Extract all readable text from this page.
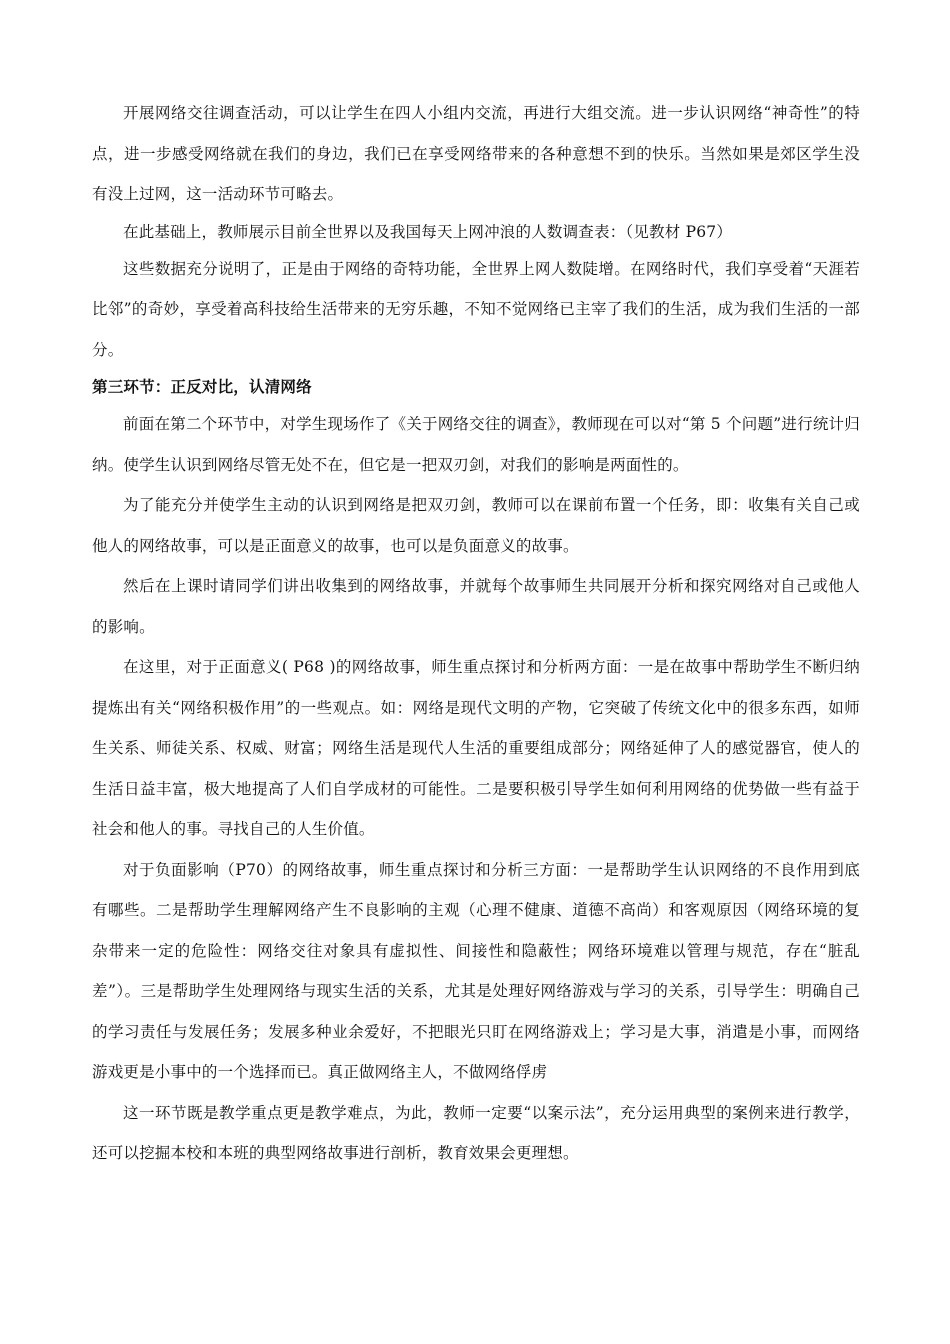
开展网络交往调查活动，可以让学生在四人小组内交流，再进行大组交流。进一步认识网络“神奇性”的特点，进一步感受网络就在我们的身边，我们已在享受网络带来的各种意想不到的快乐。当然如果是郊区学生没有没上过网，这一活动环节可略去。

在此基础上，教师展示目前全世界以及我国每天上网冲浪的人数调查表：（见教材 P67）

这些数据充分说明了，正是由于网络的奇特功能，全世界上网人数陡增。在网络时代，我们享受着“天涯若比邻”的奇妙，享受着高科技给生活带来的无穷乐趣，不知不觉网络已主宰了我们的生活，成为我们生活的一部分。

第三环节：正反对比，认清网络

前面在第二个环节中，对学生现场作了《关于网络交往的调查》，教师现在可以对“第 5 个问题”进行统计归纳。使学生认识到网络尽管无处不在，但它是一把双刃剑，对我们的影响是两面性的。

为了能充分并使学生主动的认识到网络是把双刃剑，教师可以在课前布置一个任务，即：收集有关自己或他人的网络故事，可以是正面意义的故事，也可以是负面意义的故事。

然后在上课时请同学们讲出收集到的网络故事，并就每个故事师生共同展开分析和探究网络对自己或他人的影响。

在这里，对于正面意义( P68 )的网络故事，师生重点探讨和分析两方面：一是在故事中帮助学生不断归纳提炼出有关“网络积极作用”的一些观点。如：网络是现代文明的产物，它突破了传统文化中的很多东西，如师生关系、师徒关系、权威、财富；网络生活是现代人生活的重要组成部分；网络延伸了人的感觉器官，使人的生活日益丰富，极大地提高了人们自学成材的可能性。二是要积极引导学生如何利用网络的优势做一些有益于社会和他人的事。寻找自己的人生价值。

对于负面影响（P70）的网络故事，师生重点探讨和分析三方面：一是帮助学生认识网络的不良作用到底有哪些。二是帮助学生理解网络产生不良影响的主观（心理不健康、道德不高尚）和客观原因（网络环境的复杂带来一定的危险性：网络交往对象具有虚拟性、间接性和隐蔽性；网络环境难以管理与规范，存在“脏乱差”）。三是帮助学生处理网络与现实生活的关系，尤其是处理好网络游戏与学习的关系，引导学生：明确自己的学习责任与发展任务；发展多种业余爱好，不把眼光只盯在网络游戏上；学习是大事，消遣是小事，而网络游戏更是小事中的一个选择而已。真正做网络主人，不做网络俘虏

这一环节既是教学重点更是教学难点，为此，教师一定要“以案示法”，充分运用典型的案例来进行教学，还可以挖掘本校和本班的典型网络故事进行剖析，教育效果会更理想。
